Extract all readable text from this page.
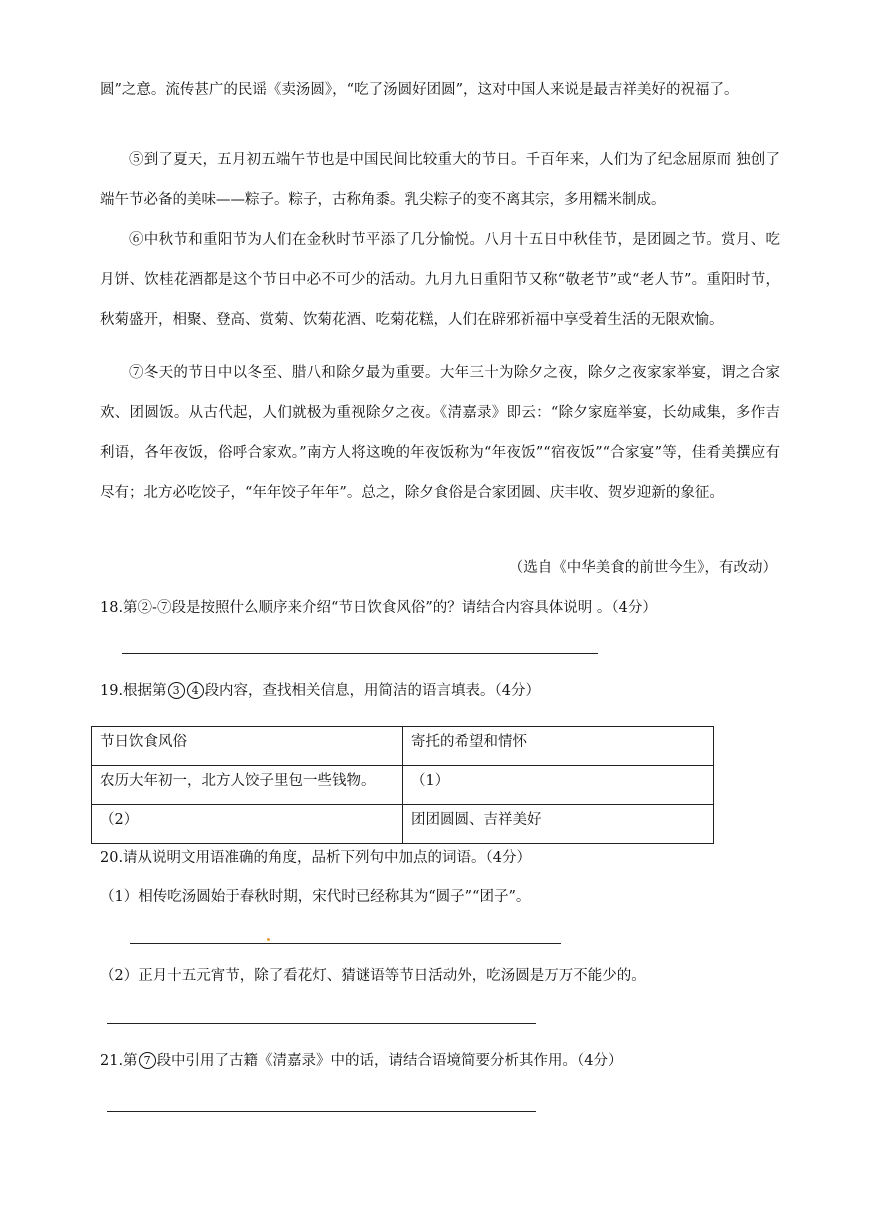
圆”之意。流传甚广的民谣《卖汤圆》，“吃了汤圆好团圆”，这对中国人来说是最吉祥美好的祝福了。

⑤到了夏天，五月初五端午节也是中国民间比较重大的节日。千百年来，人们为了纪念屈原而 独创了端午节必备的美味——粽子。粽子，古称角黍。乳尖粽子的变不离其宗，多用糯米制成。

⑥中秋节和重阳节为人们在金秋时节平添了几分愉悦。八月十五日中秋佳节，是团圆之节。赏月、吃月饼、饮桂花酒都是这个节日中必不可少的活动。九月九日重阳节又称“敬老节”或“老人节”。重阳时节，秋菊盛开，相聚、登高、赏菊、饮菊花酒、吃菊花糕，人们在辟邪祈福中享受着生活的无限欢愉。

⑦冬天的节日中以冬至、腊八和除夕最为重要。大年三十为除夕之夜，除夕之夜家家举宴，谓之合家欢、团圆饭。从古代起，人们就极为重视除夕之夜。《清嘉录》即云：“除夕家庭举宴，长幼咸集，多作吉利语，各年夜饭，俗呼合家欢。”南方人将这晚的年夜饭称为“年夜饭”“宿夜饭”“合家宴”等，佳肴美撰应有尽有；北方必吃饺子，“年年饺子年年”。总之，除夕食俗是合家团圆、庆丰收、贺岁迎新的象征。

（选自《中华美食的前世今生》，有改动）

18.第②-⑦段是按照什么顺序来介绍“节日饮食风俗”的？请结合内容具体说明 。（4分）

19.根据第 3 4 段内容，查找相关信息，用简洁的语言填表。（4分）

节日饮食风俗	寄托的希望和情怀
农历大年初一，北方人饺子里包一些钱物。	（1）
（2）	团团圆圆、吉祥美好

20.请从说明文用语准确的角度，品析下列句中加点的词语。（4分）

（1）相传吃汤圆始于春秋时期，宋代时已经称其为“圆子”“团子”。

（2）正月十五元宵节，除了看花灯、猜谜语等节日活动外，吃汤圆是万万不能少的。

21.第 7 段中引用了古籍《清嘉录》中的话，请结合语境简要分析其作用。（4分）
